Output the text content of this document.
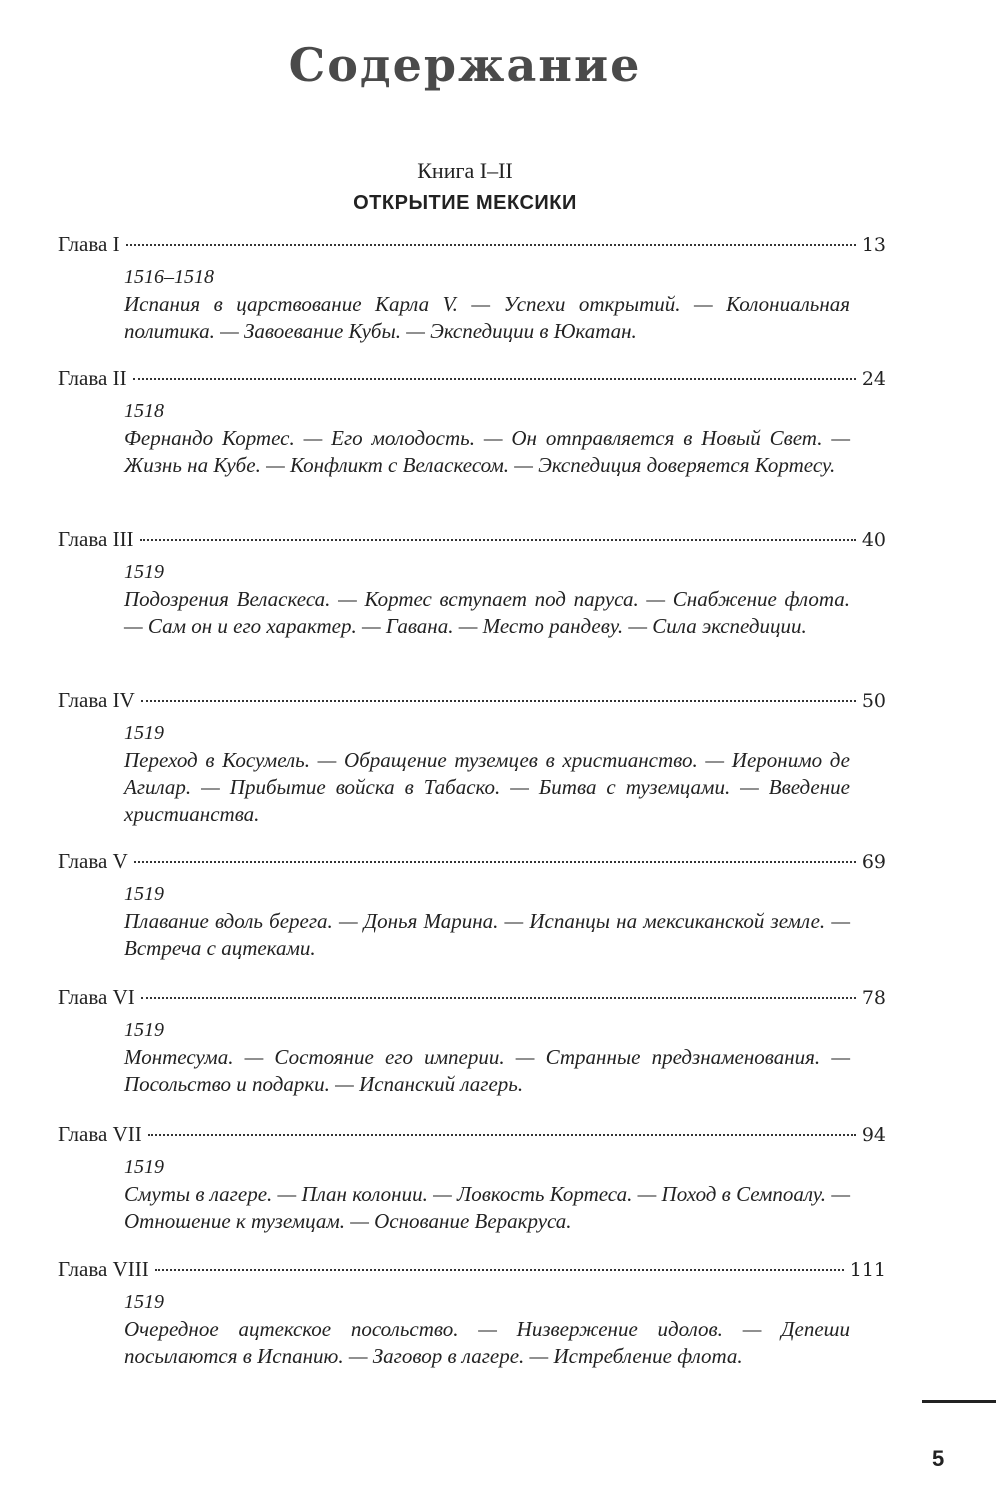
Содержание
Книга I–II
ОТКРЫТИЕ МЕКСИКИ
Глава I	13
1516–1518
Испания в царствование Карла V. — Успехи открытий. — Колониальная политика. — Завоевание Кубы. — Экспедиции в Юкатан.
Глава II	24
1518
Фернандо Кортес. — Его молодость. — Он отправляется в Новый Свет. — Жизнь на Кубе. — Конфликт с Веласкесом. — Экспедиция доверяется Кортесу.
Глава III	40
1519
Подозрения Веласкеса. — Кортес вступает под паруса. — Снабжение флота. — Сам он и его характер. — Гавана. — Место рандеву. — Сила экспедиции.
Глава IV	50
1519
Переход в Косумель. — Обращение туземцев в христианство. — Иеронимо де Агилар. — Прибытие войска в Табаско. — Битва с туземцами. — Введение христианства.
Глава V	69
1519
Плавание вдоль берега. — Донья Марина. — Испанцы на мексиканской земле. — Встреча с ацтеками.
Глава VI	78
1519
Монтесума. — Состояние его империи. — Странные предзнаменования. — Посольство и подарки. — Испанский лагерь.
Глава VII	94
1519
Смуты в лагере. — План колонии. — Ловкость Кортеса. — Поход в Семпоалу. — Отношение к туземцам. — Основание Веракруса.
Глава VIII	111
1519
Очередное ацтекское посольство. — Низвержение идолов. — Депеши посылаются в Испанию. — Заговор в лагере. — Истребление флота.
5
